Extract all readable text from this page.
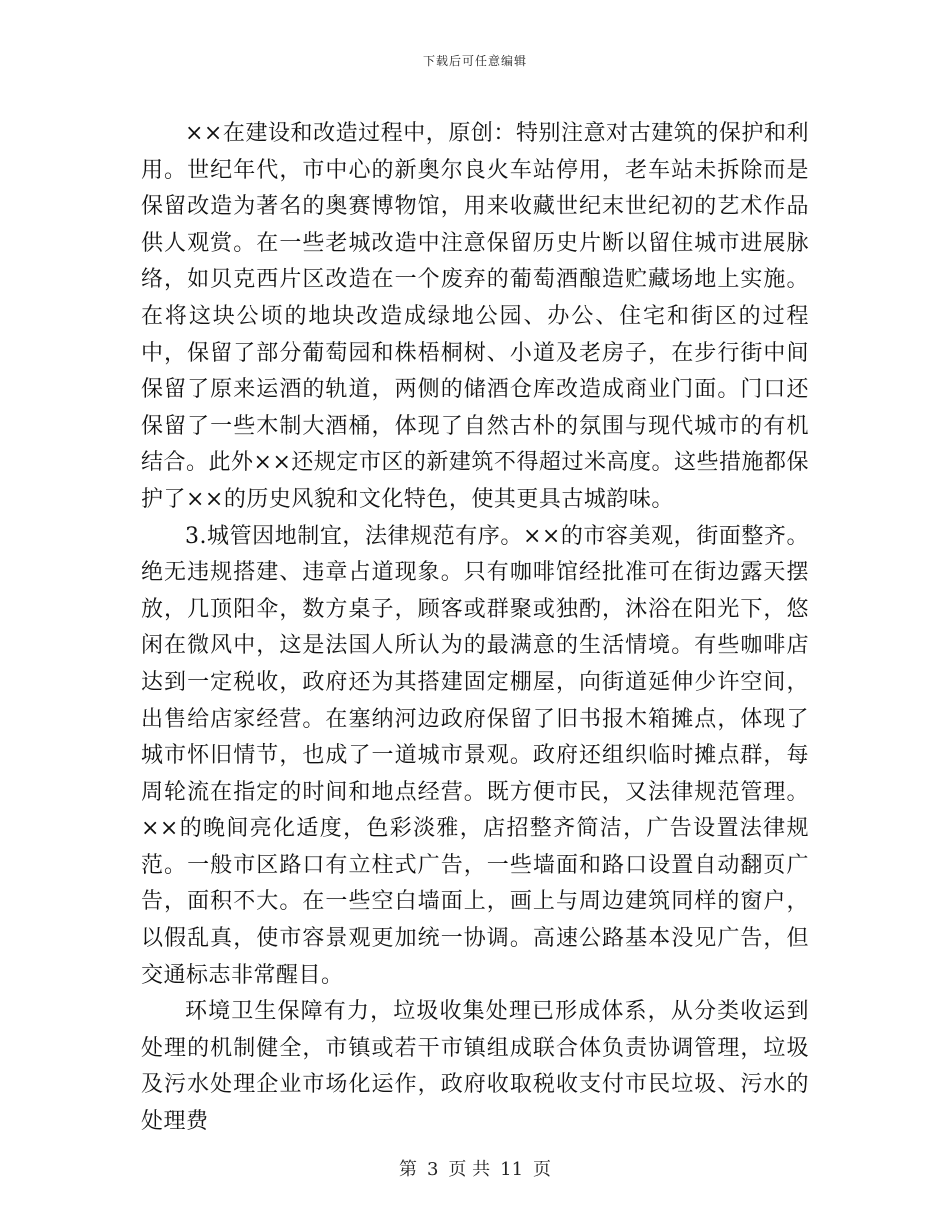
下载后可任意编辑

××在建设和改造过程中，原创：特别注意对古建筑的保护和利用。世纪年代，市中心的新奥尔良火车站停用，老车站未拆除而是保留改造为著名的奥赛博物馆，用来收藏世纪末世纪初的艺术作品供人观赏。在一些老城改造中注意保留历史片断以留住城市进展脉络，如贝克西片区改造在一个废弃的葡萄酒酿造贮藏场地上实施。在将这块公顷的地块改造成绿地公园、办公、住宅和街区的过程中，保留了部分葡萄园和株梧桐树、小道及老房子，在步行街中间保留了原来运酒的轨道，两侧的储酒仓库改造成商业门面。门口还保留了一些木制大酒桶，体现了自然古朴的氛围与现代城市的有机结合。此外××还规定市区的新建筑不得超过米高度。这些措施都保护了××的历史风貌和文化特色，使其更具古城韵味。

3.城管因地制宜，法律规范有序。××的市容美观，街面整齐。绝无违规搭建、违章占道现象。只有咖啡馆经批准可在街边露天摆放，几顶阳伞，数方桌子，顾客或群聚或独酌，沐浴在阳光下，悠闲在微风中，这是法国人所认为的最满意的生活情境。有些咖啡店达到一定税收，政府还为其搭建固定棚屋，向街道延伸少许空间，出售给店家经营。在塞纳河边政府保留了旧书报木箱摊点，体现了城市怀旧情节，也成了一道城市景观。政府还组织临时摊点群，每周轮流在指定的时间和地点经营。既方便市民，又法律规范管理。××的晚间亮化适度，色彩淡雅，店招整齐简洁，广告设置法律规范。一般市区路口有立柱式广告，一些墙面和路口设置自动翻页广告，面积不大。在一些空白墙面上，画上与周边建筑同样的窗户，以假乱真，使市容景观更加统一协调。高速公路基本没见广告，但交通标志非常醒目。

环境卫生保障有力，垃圾收集处理已形成体系，从分类收运到处理的机制健全，市镇或若干市镇组成联合体负责协调管理，垃圾及污水处理企业市场化运作，政府收取税收支付市民垃圾、污水的处理费

第 3 页 共 11 页
